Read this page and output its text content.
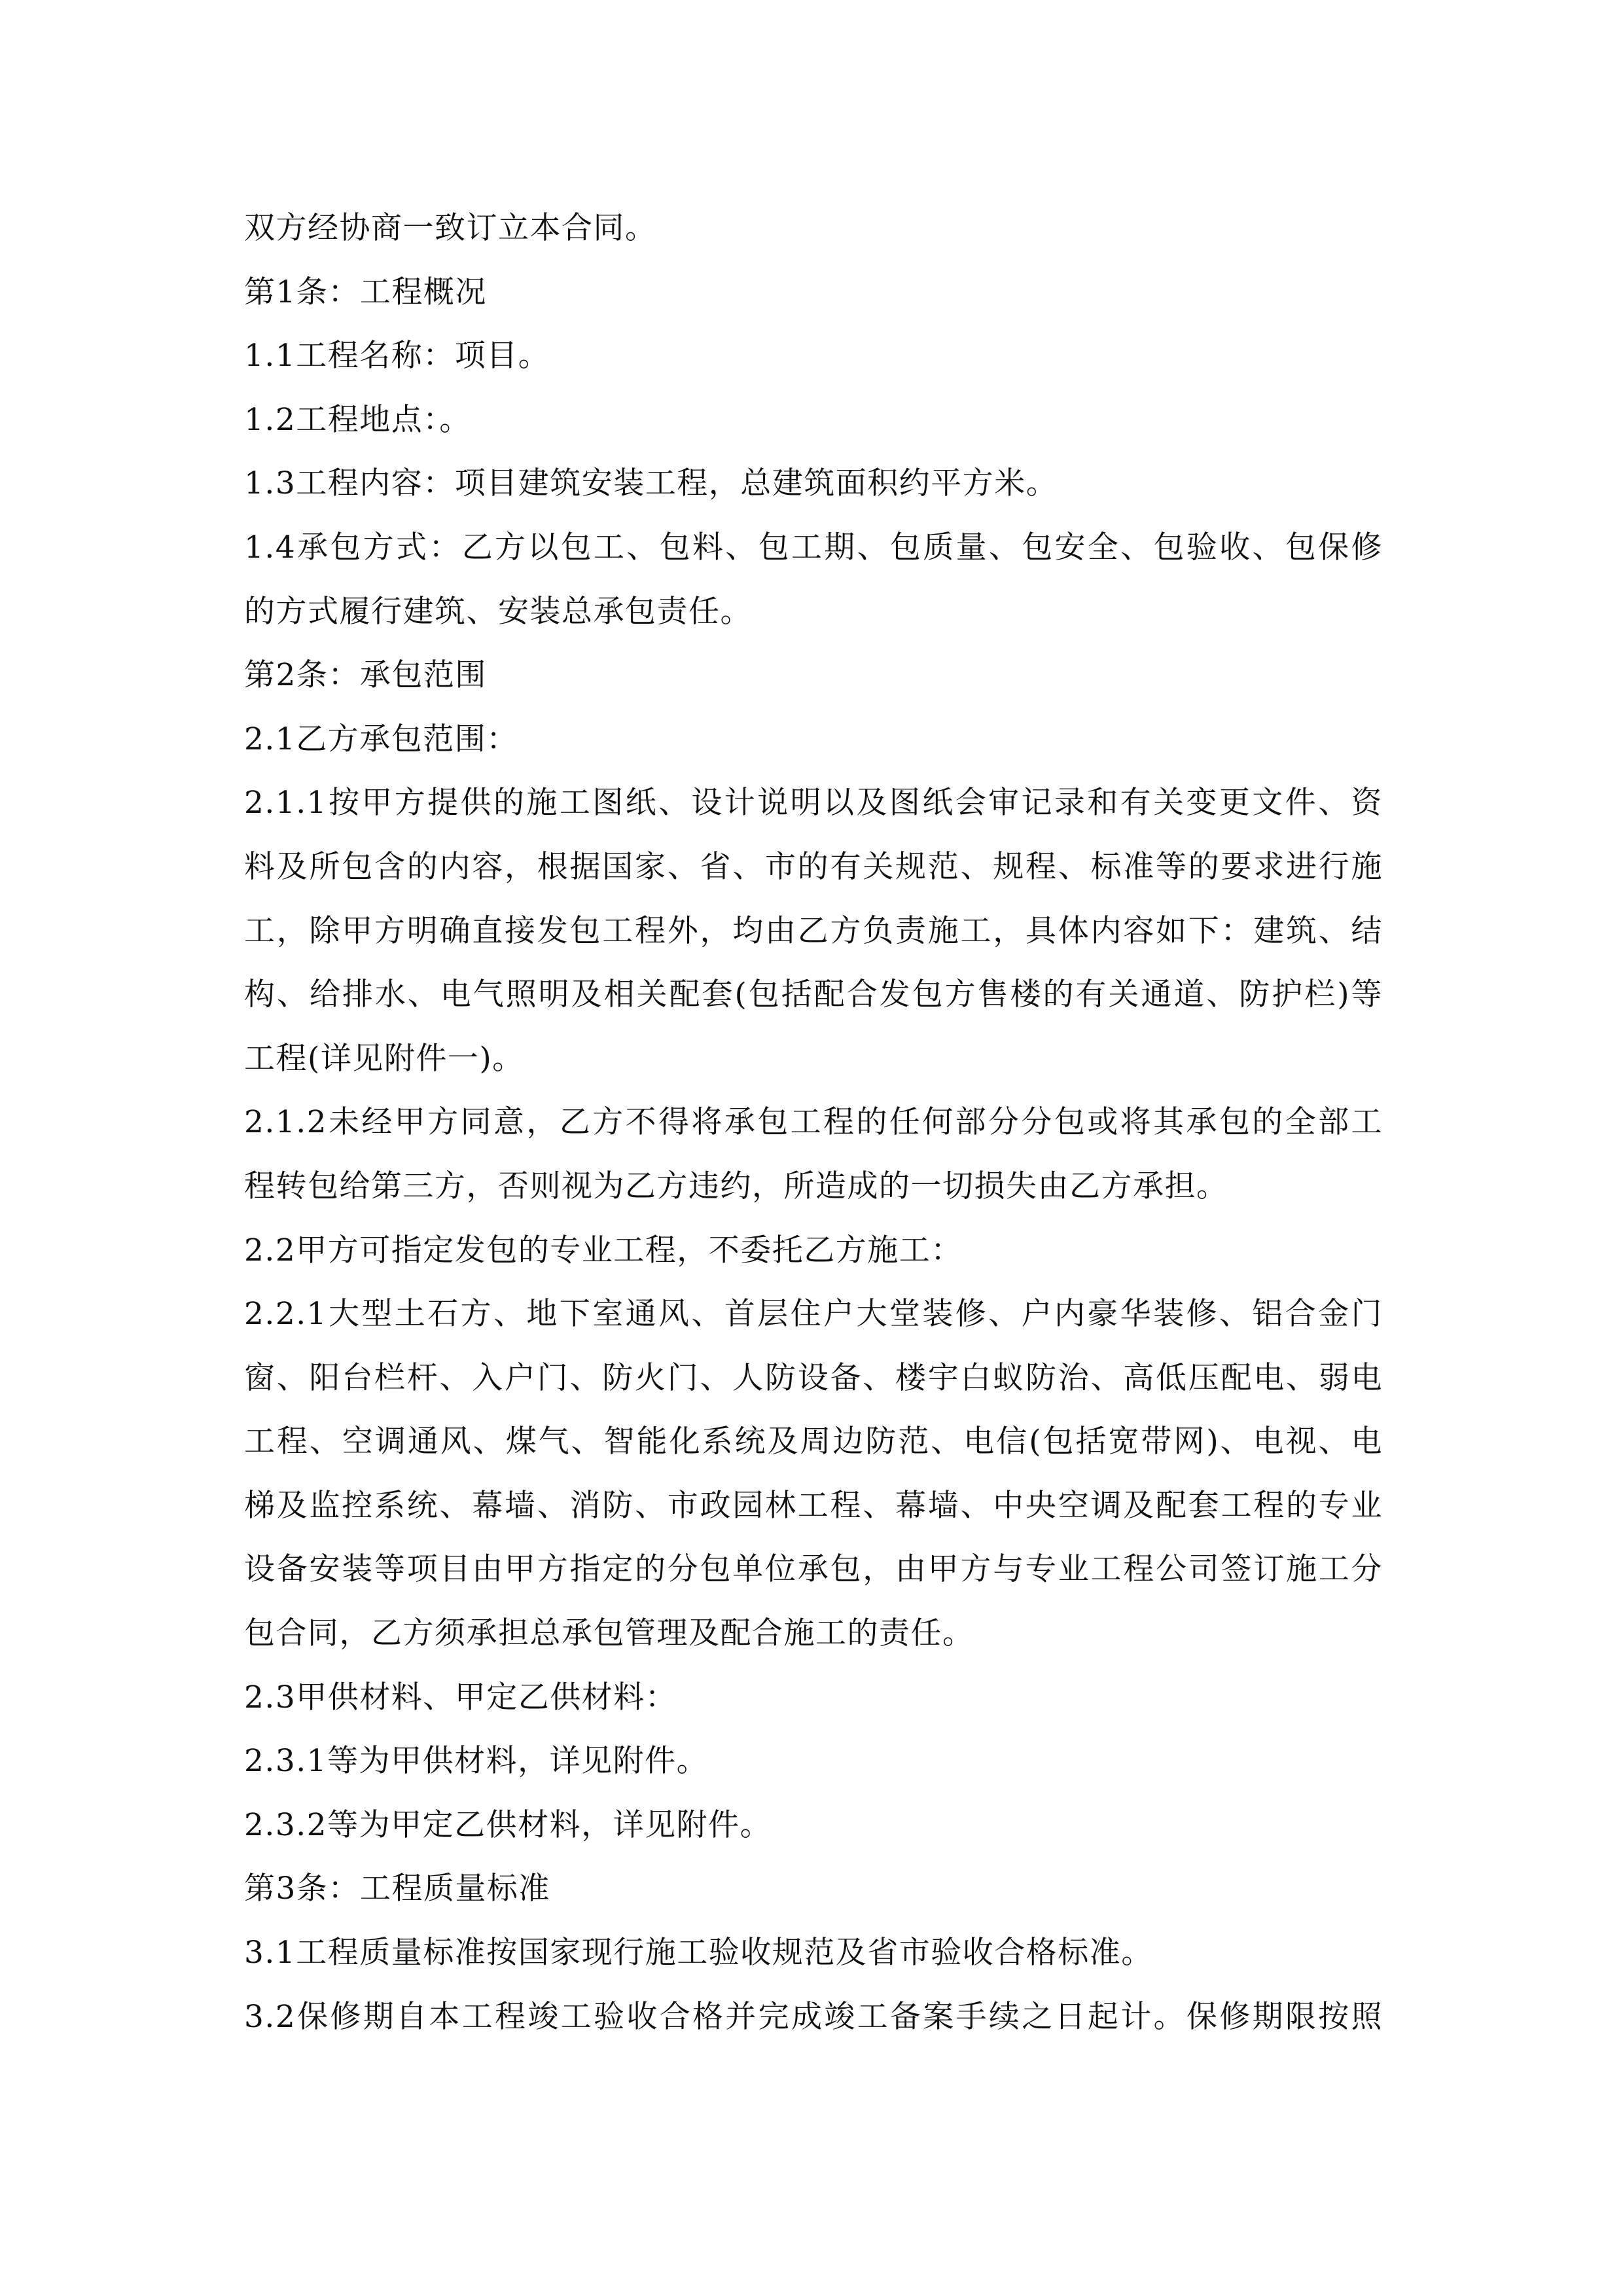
双方经协商一致订立本合同。
第1条：工程概况
1.1工程名称：项目。
1.2工程地点：。
1.3工程内容：项目建筑安装工程，总建筑面积约平方米。
1.4承包方式：乙方以包工、包料、包工期、包质量、包安全、包验收、包保修
的方式履行建筑、安装总承包责任。
第2条：承包范围
2.1乙方承包范围：
2.1.1按甲方提供的施工图纸、设计说明以及图纸会审记录和有关变更文件、资
料及所包含的内容，根据国家、省、市的有关规范、规程、标准等的要求进行施
工，除甲方明确直接发包工程外，均由乙方负责施工，具体内容如下：建筑、结
构、给排水、电气照明及相关配套(包括配合发包方售楼的有关通道、防护栏)等
工程(详见附件一)。
2.1.2未经甲方同意，乙方不得将承包工程的任何部分分包或将其承包的全部工
程转包给第三方，否则视为乙方违约，所造成的一切损失由乙方承担。
2.2甲方可指定发包的专业工程，不委托乙方施工：
2.2.1大型土石方、地下室通风、首层住户大堂装修、户内豪华装修、铝合金门
窗、阳台栏杆、入户门、防火门、人防设备、楼宇白蚁防治、高低压配电、弱电
工程、空调通风、煤气、智能化系统及周边防范、电信(包括宽带网)、电视、电
梯及监控系统、幕墙、消防、市政园林工程、幕墙、中央空调及配套工程的专业
设备安装等项目由甲方指定的分包单位承包，由甲方与专业工程公司签订施工分
包合同，乙方须承担总承包管理及配合施工的责任。
2.3甲供材料、甲定乙供材料：
2.3.1等为甲供材料，详见附件。
2.3.2等为甲定乙供材料，详见附件。
第3条：工程质量标准
3.1工程质量标准按国家现行施工验收规范及省市验收合格标准。
3.2保修期自本工程竣工验收合格并完成竣工备案手续之日起计。保修期限按照
